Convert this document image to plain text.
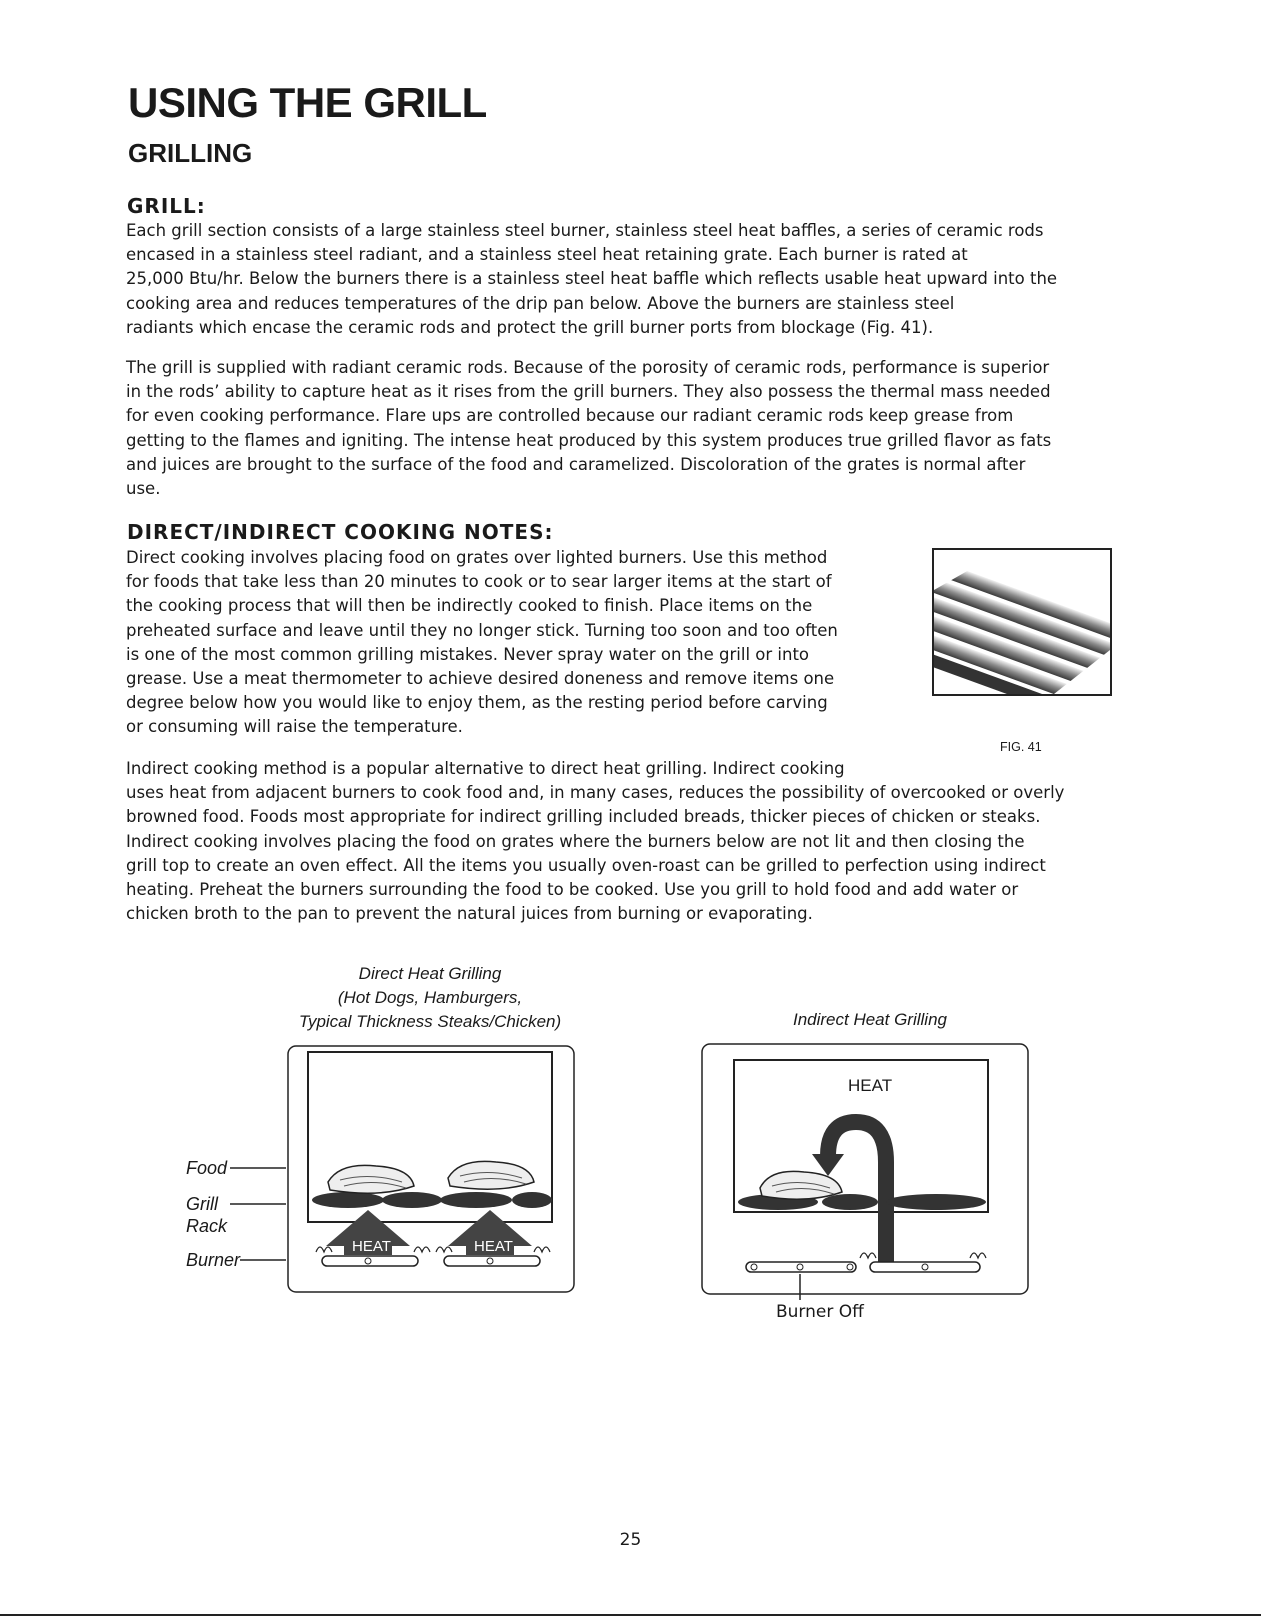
USING THE GRILL
GRILLING
GRILL:
Each grill section consists of a large stainless steel burner, stainless steel heat baffles, a series of ceramic rods
encased in a stainless steel radiant, and a stainless steel heat retaining grate. Each burner is rated at
25,000 Btu/hr. Below the burners there is a stainless steel heat baffle which reflects usable heat upward into the
cooking area and reduces temperatures of the drip pan below. Above the burners are stainless steel
radiants which encase the ceramic rods and protect the grill burner ports from blockage (Fig. 41).
The grill is supplied with radiant ceramic rods. Because of the porosity of ceramic rods, performance is superior
in the rods’ ability to capture heat as it rises from the grill burners. They also possess the thermal mass needed
for even cooking performance. Flare ups are controlled because our radiant ceramic rods keep grease from
getting to the flames and igniting. The intense heat produced by this system produces true grilled flavor as fats
and juices are brought to the surface of the food and caramelized. Discoloration of the grates is normal after
use.
DIRECT/INDIRECT COOKING NOTES:
Direct cooking involves placing food on grates over lighted burners. Use this method
for foods that take less than 20 minutes to cook or to sear larger items at the start of
the cooking process that will then be indirectly cooked to finish. Place items on the
preheated surface and leave until they no longer stick. Turning too soon and too often
is one of the most common grilling mistakes. Never spray water on the grill or into
grease. Use a meat thermometer to achieve desired doneness and remove items one
degree below how you would like to enjoy them, as the resting period before carving
or consuming will raise the temperature.
Indirect cooking method is a popular alternative to direct heat grilling. Indirect cooking
uses heat from adjacent burners to cook food and, in many cases, reduces the possibility of overcooked or overly
browned food. Foods most appropriate for indirect grilling included breads, thicker pieces of chicken or steaks.
Indirect cooking involves placing the food on grates where the burners below are not lit and then closing the
grill top to create an oven effect. All the items you usually oven-roast can be grilled to perfection using indirect
heating. Preheat the burners surrounding the food to be cooked. Use you grill to hold food and add water or
chicken broth to the pan to prevent the natural juices from burning or evaporating.
FIG. 41
Direct Heat Grilling
(Hot Dogs, Hamburgers,
Typical Thickness Steaks/Chicken)
HEAT	HEAT
Food
Grill
Rack
Burner
Indirect Heat Grilling
HEAT
Burner Off
25
